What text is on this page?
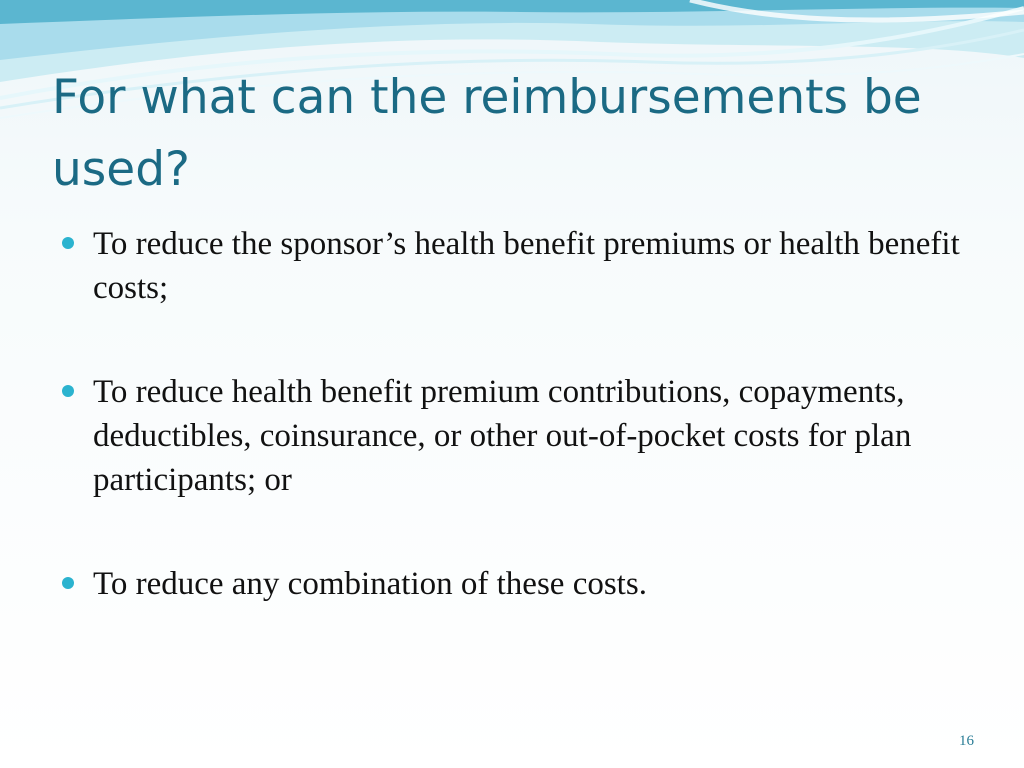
For what can the reimbursements be used?
To reduce the sponsor’s health benefit premiums or health benefit costs;
To reduce health benefit premium contributions, copayments, deductibles, coinsurance, or other out-of-pocket costs for plan participants; or
To reduce any combination of these costs.
16
